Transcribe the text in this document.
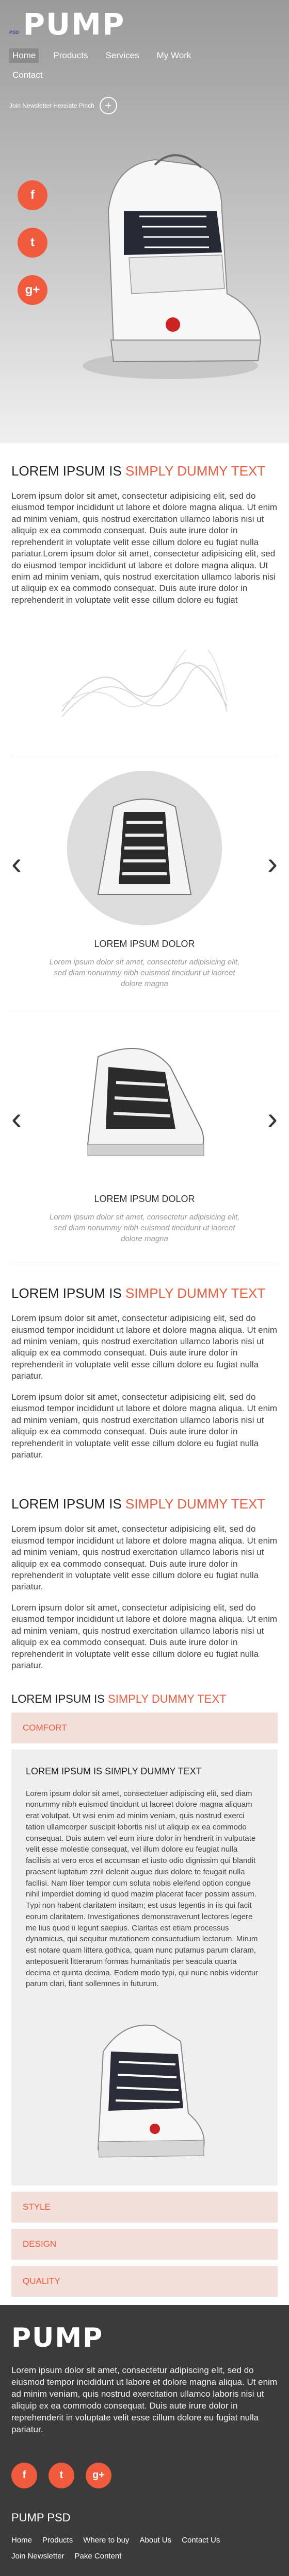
PSD PUMP
Home	Products	Services	My Work
Contact
Join Newsletter Here/ate Pinch +
f
t
g+
LOREM IPSUM IS SIMPLY DUMMY TEXT

Lorem ipsum dolor sit amet, consectetur adipisicing elit, sed do eiusmod tempor incididunt ut labore et dolore magna aliqua. Ut enim ad minim veniam, quis nostrud exercitation ullamco laboris nisi ut aliquip ex ea commodo consequat. Duis aute irure dolor in reprehenderit in voluptate velit esse cillum dolore eu fugiat nulla pariatur.Lorem ipsum dolor sit amet, consectetur adipisicing elit, sed do eiusmod tempor incididunt ut labore et dolore magna aliqua. Ut enim ad minim veniam, quis nostrud exercitation ullamco laboris nisi ut aliquip ex ea commodo consequat. Duis aute irure dolor in reprehenderit in voluptate velit esse cillum dolore eu fugiat

‹	›
LOREM IPSUM DOLOR

Lorem ipsum dolor sit amet, consectetur adipisicing elit, sed diam nonummy nibh euismod tincidunt ut laoreet dolore magna

‹	›
LOREM IPSUM DOLOR

Lorem ipsum dolor sit amet, consectetur adipisicing elit, sed diam nonummy nibh euismod tincidunt ut laoreet dolore magna

LOREM IPSUM IS SIMPLY DUMMY TEXT

Lorem ipsum dolor sit amet, consectetur adipisicing elit, sed do eiusmod tempor incididunt ut labore et dolore magna aliqua. Ut enim ad minim veniam, quis nostrud exercitation ullamco laboris nisi ut aliquip ex ea commodo consequat. Duis aute irure dolor in reprehenderit in voluptate velit esse cillum dolore eu fugiat nulla pariatur.

Lorem ipsum dolor sit amet, consectetur adipisicing elit, sed do eiusmod tempor incididunt ut labore et dolore magna aliqua. Ut enim ad minim veniam, quis nostrud exercitation ullamco laboris nisi ut aliquip ex ea commodo consequat. Duis aute irure dolor in reprehenderit in voluptate velit esse cillum dolore eu fugiat nulla pariatur.

LOREM IPSUM IS SIMPLY DUMMY TEXT

Lorem ipsum dolor sit amet, consectetur adipisicing elit, sed do eiusmod tempor incididunt ut labore et dolore magna aliqua. Ut enim ad minim veniam, quis nostrud exercitation ullamco laboris nisi ut aliquip ex ea commodo consequat. Duis aute irure dolor in reprehenderit in voluptate velit esse cillum dolore eu fugiat nulla pariatur.

Lorem ipsum dolor sit amet, consectetur adipisicing elit, sed do eiusmod tempor incididunt ut labore et dolore magna aliqua. Ut enim ad minim veniam, quis nostrud exercitation ullamco laboris nisi ut aliquip ex ea commodo consequat. Duis aute irure dolor in reprehenderit in voluptate velit esse cillum dolore eu fugiat nulla pariatur.

LOREM IPSUM IS SIMPLY DUMMY TEXT
COMFORT
LOREM IPSUM IS SIMPLY DUMMY TEXT

Lorem ipsum dolor sit amet, consectetuer adipiscing elit, sed diam nonummy nibh euismod tincidunt ut laoreet dolore magna aliquam erat volutpat. Ut wisi enim ad minim veniam, quis nostrud exerci tation ullamcorper suscipit lobortis nisl ut aliquip ex ea commodo consequat. Duis autem vel eum iriure dolor in hendrerit in vulputate velit esse molestie consequat, vel illum dolore eu feugiat nulla facilisis at vero eros et accumsan et iusto odio dignissim qui blandit praesent luptatum zzril delenit augue duis dolore te feugait nulla facilisi. Nam liber tempor cum soluta nobis eleifend option congue nihil imperdiet doming id quod mazim placerat facer possim assum. Typi non habent claritatem insitam; est usus legentis in iis qui facit eorum claritatem. Investigationes demonstraverunt lectores legere me lius quod ii legunt saepius. Claritas est etiam processus dynamicus, qui sequitur mutationem consuetudium lectorum. Mirum est notare quam littera gothica, quam nunc putamus parum claram, anteposuerit litterarum formas humanitatis per seacula quarta decima et quinta decima. Eodem modo typi, qui nunc nobis videntur parum clari, fiant sollemnes in futurum.

STYLE
DESIGN
QUALITY
PUMP

Lorem ipsum dolor sit amet, consectetur adipiscing elit, sed do eiusmod tempor incididunt ut labore et dolore magna aliqua. Ut enim ad minim veniam, quis nostrud exercitation ullamco laboris nisi ut aliquip ex ea commodo consequat. Duis aute irure dolor in reprehenderit in voluptate velit esse cillum dolore eu fugiat nulla pariatur.

f	t	g+
PUMP PSD
Home Products Where to buy About Us Contact Us
Join Newsletter Pake Content
